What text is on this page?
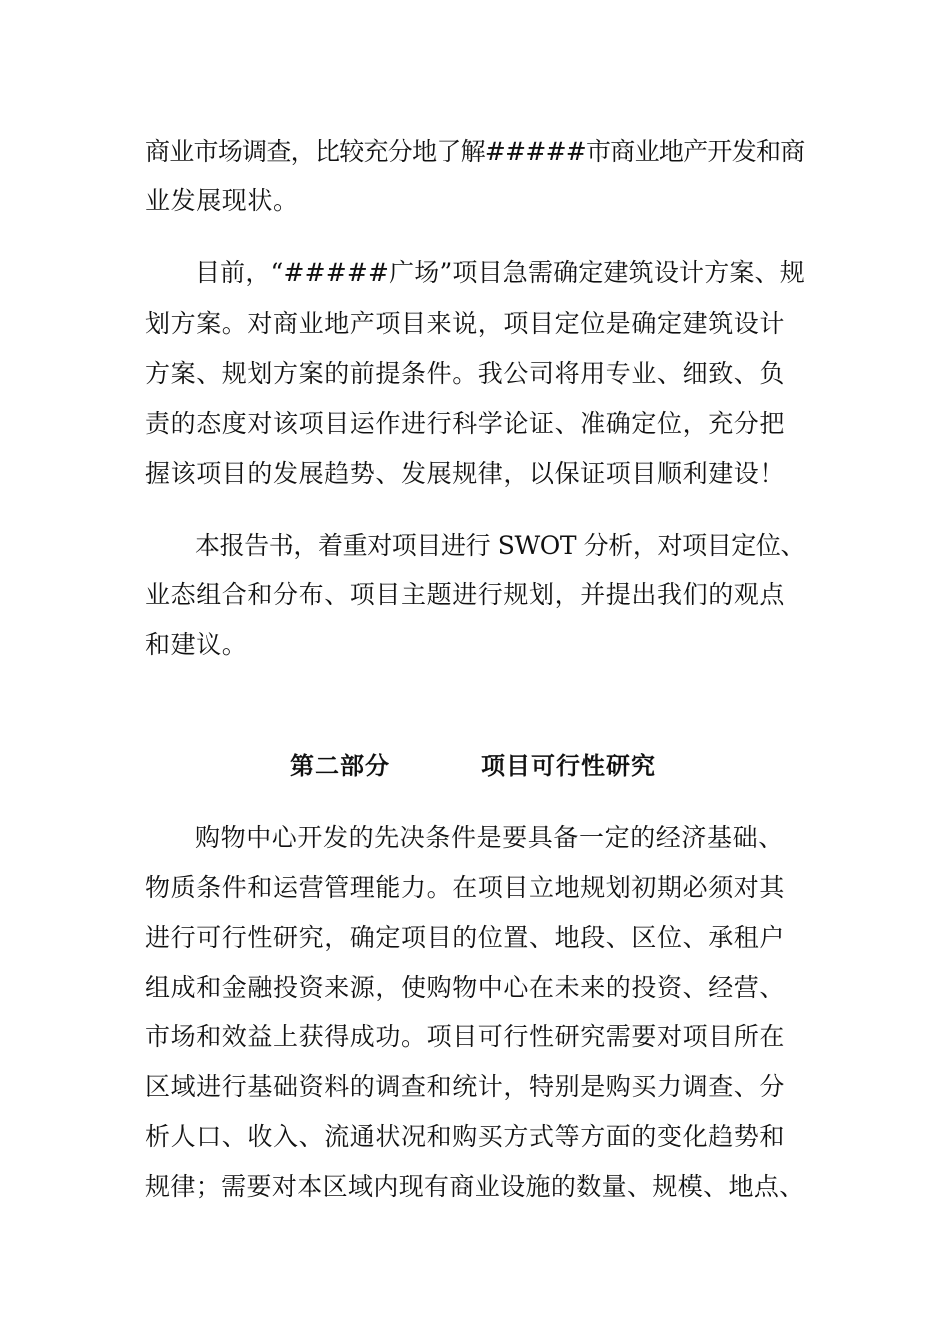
商业市场调查，比较充分地了解#####市商业地产开发和商
业发展现状。
目前，“#####广场”项目急需确定建筑设计方案、规
划方案。对商业地产项目来说，项目定位是确定建筑设计
方案、规划方案的前提条件。我公司将用专业、细致、负
责的态度对该项目运作进行科学论证、准确定位，充分把
握该项目的发展趋势、发展规律，以保证项目顺利建设！
本报告书，着重对项目进行 SWOT 分析，对项目定位、
业态组合和分布、项目主题进行规划，并提出我们的观点
和建议。
第二部分	项目可行性研究
购物中心开发的先决条件是要具备一定的经济基础、
物质条件和运营管理能力。在项目立地规划初期必须对其
进行可行性研究，确定项目的位置、地段、区位、承租户
组成和金融投资来源，使购物中心在未来的投资、经营、
市场和效益上获得成功。项目可行性研究需要对项目所在
区域进行基础资料的调查和统计，特别是购买力调查、分
析人口、收入、流通状况和购买方式等方面的变化趋势和
规律；需要对本区域内现有商业设施的数量、规模、地点、
